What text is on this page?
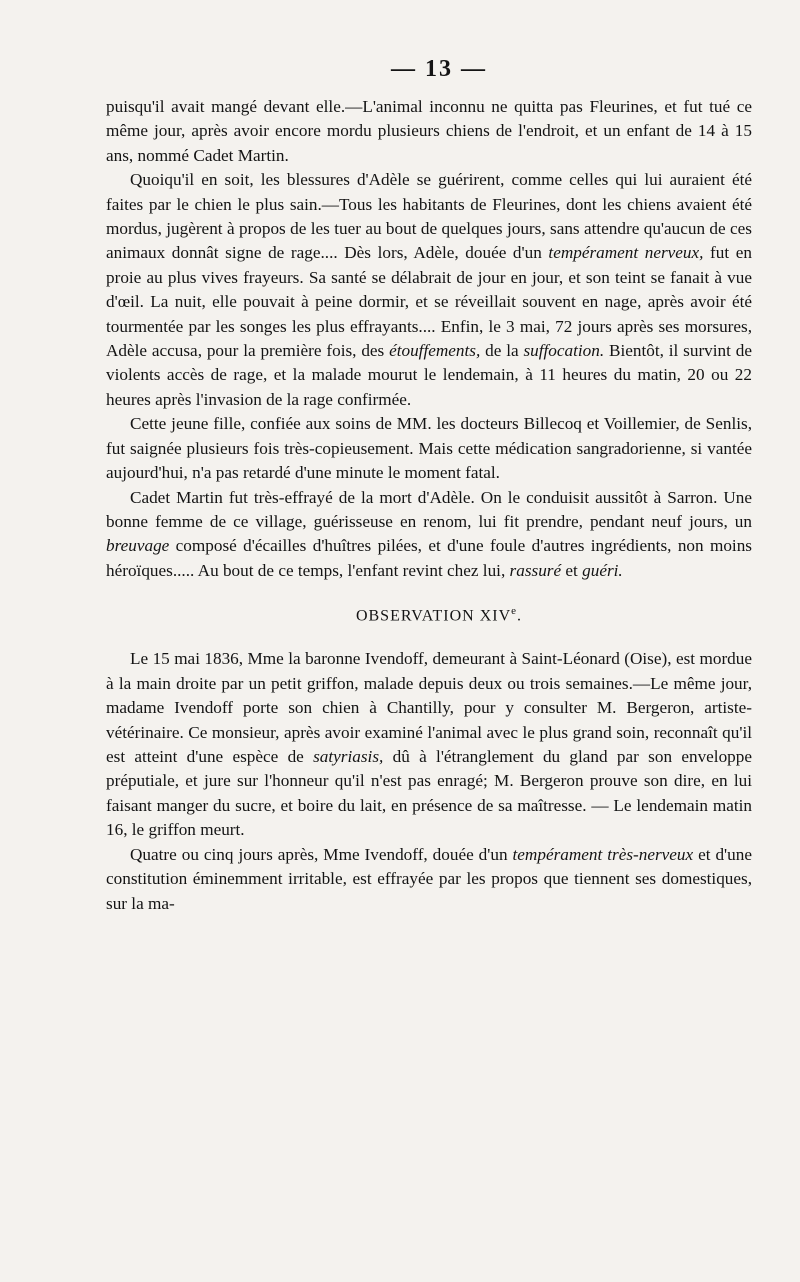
— 13 —

puisqu'il avait mangé devant elle.—L'animal inconnu ne quitta pas Fleurines, et fut tué ce même jour, après avoir encore mordu plusieurs chiens de l'endroit, et un enfant de 14 à 15 ans, nommé Cadet Martin.

Quoiqu'il en soit, les blessures d'Adèle se guérirent, comme celles qui lui auraient été faites par le chien le plus sain.—Tous les habitants de Fleurines, dont les chiens avaient été mordus, jugèrent à propos de les tuer au bout de quelques jours, sans attendre qu'aucun de ces animaux donnât signe de rage.... Dès lors, Adèle, douée d'un tempérament nerveux, fut en proie au plus vives frayeurs. Sa santé se délabrait de jour en jour, et son teint se fanait à vue d'œil. La nuit, elle pouvait à peine dormir, et se réveillait souvent en nage, après avoir été tourmentée par les songes les plus effrayants.... Enfin, le 3 mai, 72 jours après ses morsures, Adèle accusa, pour la première fois, des étouffements, de la suffocation. Bientôt, il survint de violents accès de rage, et la malade mourut le lendemain, à 11 heures du matin, 20 ou 22 heures après l'invasion de la rage confirmée.

Cette jeune fille, confiée aux soins de MM. les docteurs Billecoq et Voillemier, de Senlis, fut saignée plusieurs fois très-copieusement. Mais cette médication sangradorienne, si vantée aujourd'hui, n'a pas retardé d'une minute le moment fatal.

Cadet Martin fut très-effrayé de la mort d'Adèle. On le conduisit aussitôt à Sarron. Une bonne femme de ce village, guérisseuse en renom, lui fit prendre, pendant neuf jours, un breuvage composé d'écailles d'huîtres pilées, et d'une foule d'autres ingrédients, non moins héroïques..... Au bout de ce temps, l'enfant revint chez lui, rassuré et guéri.

OBSERVATION XIVe.

Le 15 mai 1836, Mme la baronne Ivendoff, demeurant à Saint-Léonard (Oise), est mordue à la main droite par un petit griffon, malade depuis deux ou trois semaines.—Le même jour, madame Ivendoff porte son chien à Chantilly, pour y consulter M. Bergeron, artiste-vétérinaire. Ce monsieur, après avoir examiné l'animal avec le plus grand soin, reconnaît qu'il est atteint d'une espèce de satyriasis, dû à l'étranglement du gland par son enveloppe préputiale, et jure sur l'honneur qu'il n'est pas enragé; M. Bergeron prouve son dire, en lui faisant manger du sucre, et boire du lait, en présence de sa maîtresse. — Le lendemain matin 16, le griffon meurt.

Quatre ou cinq jours après, Mme Ivendoff, douée d'un tempérament très-nerveux et d'une constitution éminemment irritable, est effrayée par les propos que tiennent ses domestiques, sur la ma-
